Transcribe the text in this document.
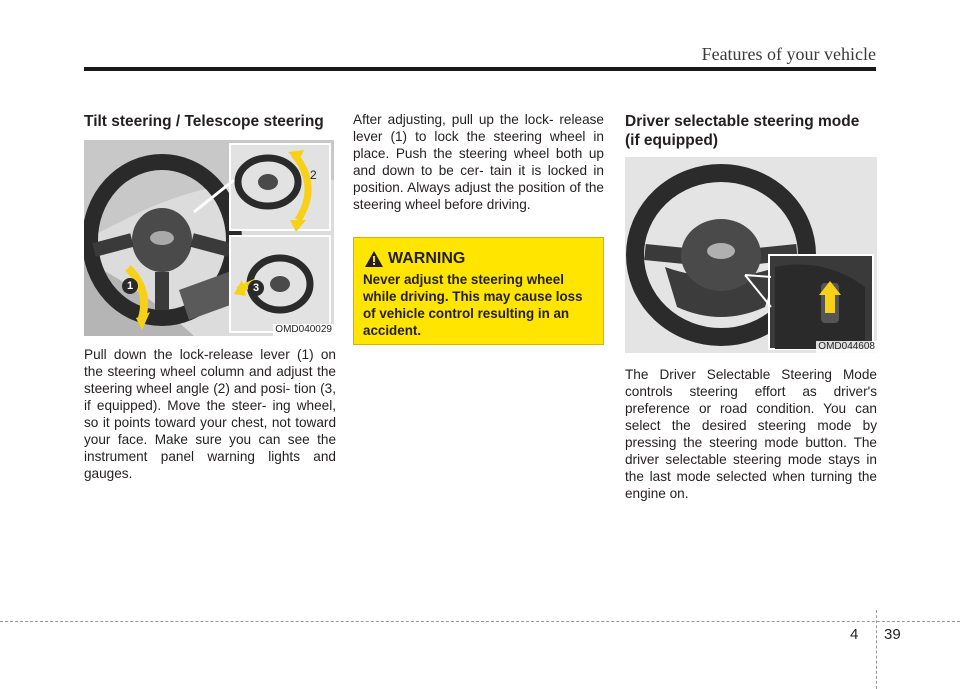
Features of your vehicle
Tilt steering / Telescope steering
1
2
3
OMD040029
Pull down the lock-release lever (1) on the steering wheel column and adjust the steering wheel angle (2) and posi- tion (3, if equipped). Move the steer- ing wheel, so it points toward your chest, not toward your face. Make sure you can see the instrument panel warning lights and gauges.
After adjusting, pull up the lock- release lever (1) to lock the steering wheel in place. Push the steering wheel both up and down to be cer- tain it is locked in position. Always adjust the position of the steering wheel before driving.
WARNING
Never adjust the steering wheel while driving. This may cause loss of vehicle control resulting in an accident.
Driver selectable steering mode (if equipped)
OMD044608
The Driver Selectable Steering Mode controls steering effort as driver's preference or road condition. You can select the desired steering mode by pressing the steering mode button. The driver selectable steering mode stays in the last mode selected when turning the engine on.
4 39
